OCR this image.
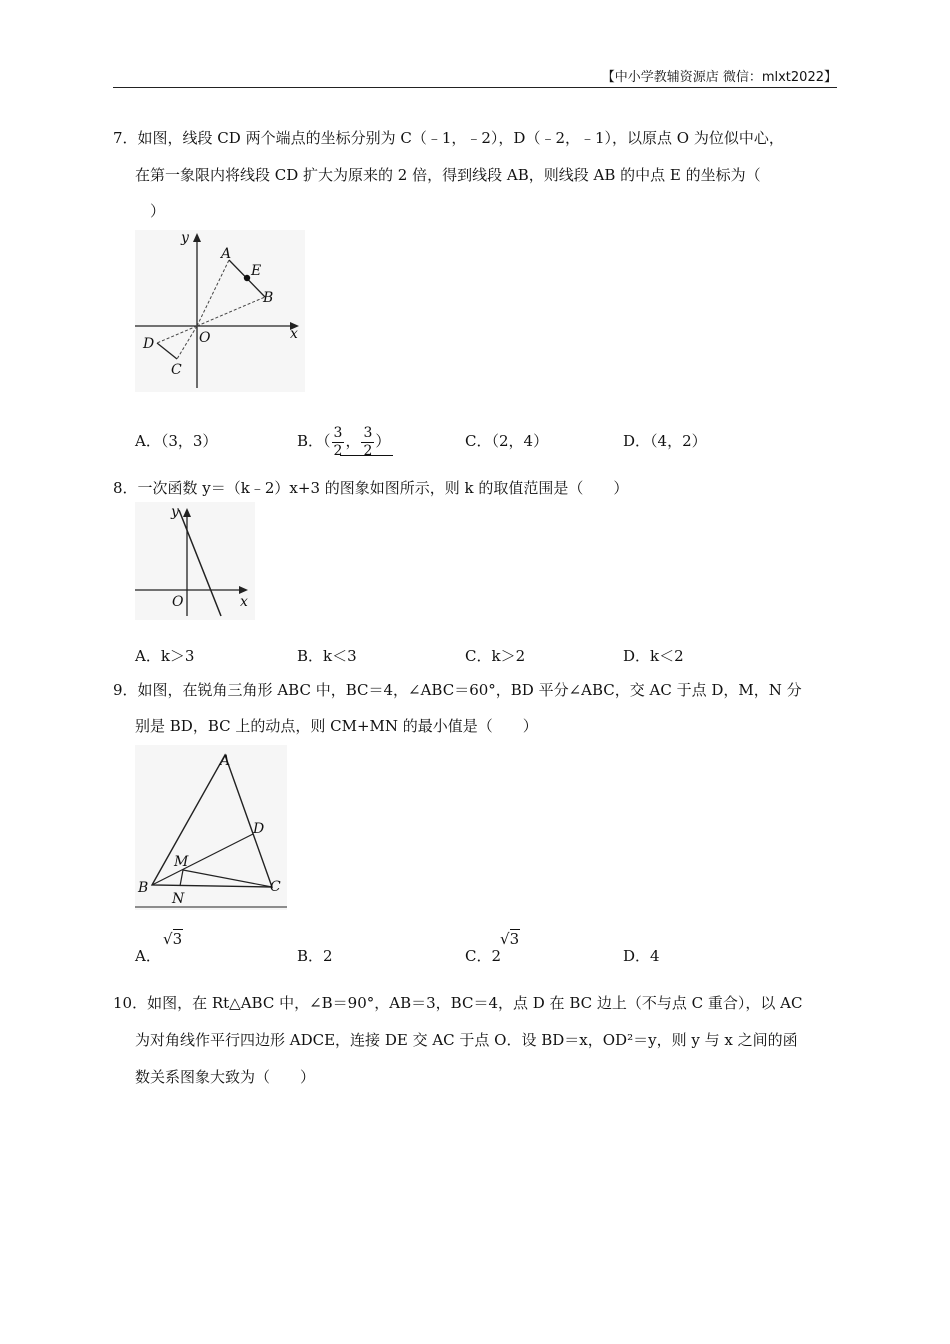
【中小学教辅资源店 微信：mlxt2022】
7．如图，线段 CD 两个端点的坐标分别为 C（﹣1，﹣2），D（﹣2，﹣1），以原点 O 为位似中心，
在第一象限内将线段 CD 扩大为原来的 2 倍，得到线段 AB，则线段 AB 的中点 E 的坐标为（
）
y
x
A
E
B
D	O
C
A．（3，3）	B．（ $\frac{3}{2}$ ， $\frac{3}{2}$ ）	C．（2，4）	D．（4，2）
8．一次函数 y＝（k﹣2）x+3 的图象如图所示，则 k 的取值范围是（　　）
y
x
O
A．k＞3	B．k＜3	C．k＞2	D．k＜2
9．如图，在锐角三角形 ABC 中，BC＝4，∠ABC＝60°，BD 平分∠ABC，交 AC 于点 D，M，N 分
别是 BD，BC 上的动点，则 CM+MN 的最小值是（　　）
A
D
M
B
N
C
A．
√3
B．2	C．2
√3
D．4
10．如图，在 Rt△ABC 中，∠B＝90°，AB＝3，BC＝4，点 D 在 BC 边上（不与点 C 重合），以 AC
为对角线作平行四边形 ADCE，连接 DE 交 AC 于点 O．设 BD＝x，OD²＝y，则 y 与 x 之间的函
数关系图象大致为（　　）
